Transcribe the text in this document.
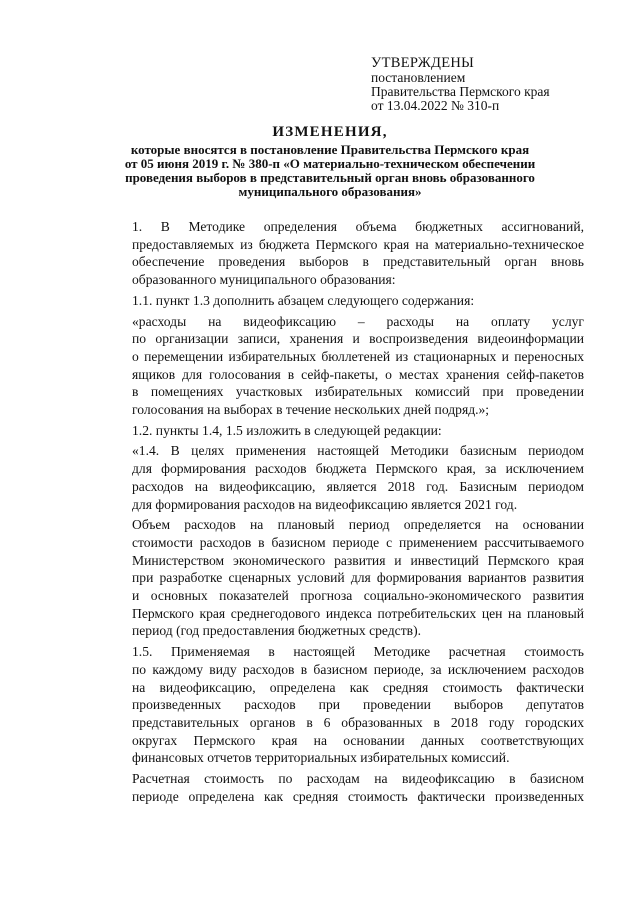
УТВЕРЖДЕНЫ
постановлением
Правительства Пермского края
от 13.04.2022 № 310-п
ИЗМЕНЕНИЯ,
которые вносятся в постановление Правительства Пермского края
от 05 июня 2019 г. № 380-п «О материально-техническом обеспечении
проведения выборов в представительный орган вновь образованного
муниципального образования»

1. В Методике определения объема бюджетных ассигнований,
предоставляемых из бюджета Пермского края на материально-техническое
обеспечение проведения выборов в представительный орган вновь
образованного муниципального образования:

1.1. пункт 1.3 дополнить абзацем следующего содержания:

«расходы на видеофиксацию – расходы на оплату услуг
по организации записи, хранения и воспроизведения видеоинформации
о перемещении избирательных бюллетеней из стационарных и переносных
ящиков для голосования в сейф-пакеты, о местах хранения сейф-пакетов
в помещениях участковых избирательных комиссий при проведении
голосования на выборах в течение нескольких дней подряд.»;

1.2. пункты 1.4, 1.5 изложить в следующей редакции:

«1.4. В целях применения настоящей Методики базисным периодом
для формирования расходов бюджета Пермского края, за исключением
расходов на видеофиксацию, является 2018 год. Базисным периодом
для формирования расходов на видеофиксацию является 2021 год.

Объем расходов на плановый период определяется на основании
стоимости расходов в базисном периоде с применением рассчитываемого
Министерством экономического развития и инвестиций Пермского края
при разработке сценарных условий для формирования вариантов развития
и основных показателей прогноза социально-экономического развития
Пермского края среднегодового индекса потребительских цен на плановый
период (год предоставления бюджетных средств).

1.5. Применяемая в настоящей Методике расчетная стоимость
по каждому виду расходов в базисном периоде, за исключением расходов
на видеофиксацию, определена как средняя стоимость фактически
произведенных расходов при проведении выборов депутатов
представительных органов в 6 образованных в 2018 году городских
округах Пермского края на основании данных соответствующих
финансовых отчетов территориальных избирательных комиссий.

Расчетная стоимость по расходам на видеофиксацию в базисном
периоде определена как средняя стоимость фактически произведенных
